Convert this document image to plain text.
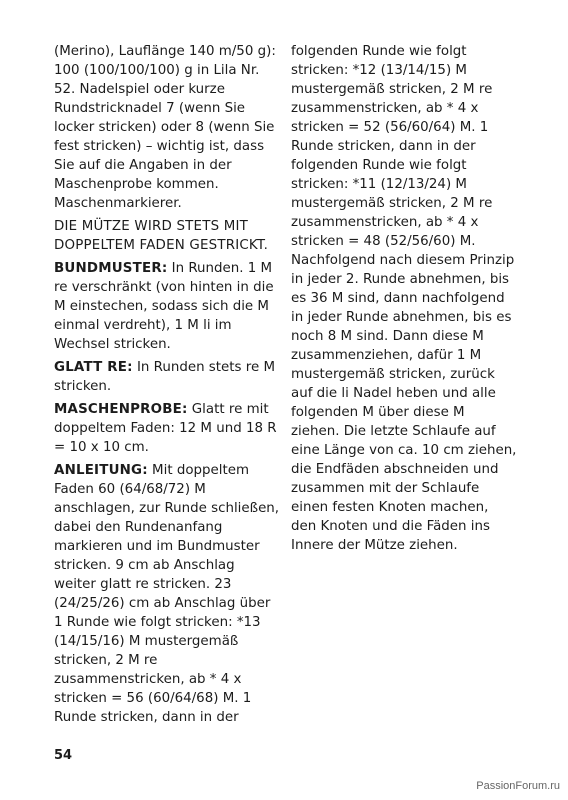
(Merino), Lauflänge 140 m/50 g): 100 (100/100/100) g in Lila Nr. 52. Nadelspiel oder kurze Rundstricknadel 7 (wenn Sie locker stricken) oder 8 (wenn Sie fest stricken) – wichtig ist, dass Sie auf die Angaben in der Maschenprobe kommen. Maschenmarkierer.

DIE MÜTZE WIRD STETS MIT DOPPELTEM FADEN GESTRICKT.

BUNDMUSTER: In Runden. 1 M re verschränkt (von hinten in die M einstechen, sodass sich die M einmal verdreht), 1 M li im Wechsel stricken.

GLATT RE: In Runden stets re M stricken.

MASCHENPROBE: Glatt re mit doppeltem Faden: 12 M und 18 R = 10 x 10 cm.

ANLEITUNG: Mit doppeltem Faden 60 (64/68/72) M anschlagen, zur Runde schließen, dabei den Rundenanfang markieren und im Bundmuster stricken. 9 cm ab Anschlag weiter glatt re stricken. 23 (24/25/26) cm ab Anschlag über 1 Runde wie folgt stricken: *13 (14/15/16) M mustergemäß stricken, 2 M re zusammenstricken, ab * 4 x stricken = 56 (60/64/68) M. 1 Runde stricken, dann in der

folgenden Runde wie folgt stricken: *12 (13/14/15) M mustergemäß stricken, 2 M re zusammenstricken, ab * 4 x stricken = 52 (56/60/64) M. 1 Runde stricken, dann in der folgenden Runde wie folgt stricken: *11 (12/13/24) M mustergemäß stricken, 2 M re zusammenstricken, ab * 4 x stricken = 48 (52/56/60) M. Nachfolgend nach diesem Prinzip in jeder 2. Runde abnehmen, bis es 36 M sind, dann nachfolgend in jeder Runde abnehmen, bis es noch 8 M sind. Dann diese M zusammenziehen, dafür 1 M mustergemäß stricken, zurück auf die li Nadel heben und alle folgenden M über diese M ziehen. Die letzte Schlaufe auf eine Länge von ca. 10 cm ziehen, die Endfäden abschneiden und zusammen mit der Schlaufe einen festen Knoten machen, den Knoten und die Fäden ins Innere der Mütze ziehen.

54
PassionForum.ru
